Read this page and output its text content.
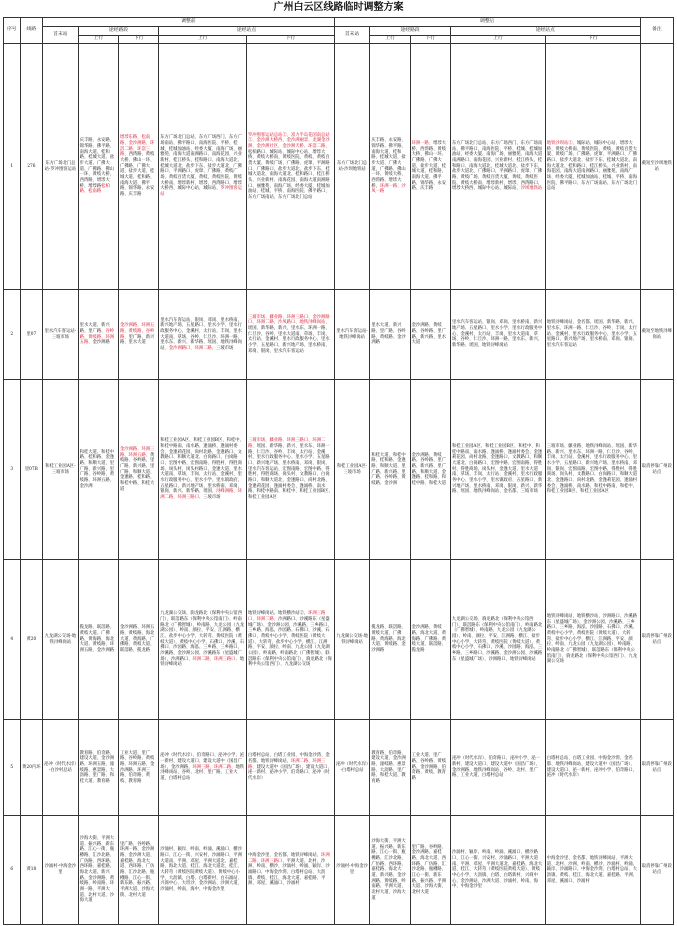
广州白云区线路临时调整方案
序号	线路	调整前					调整后					备注
		首末站	途经路段		途经站点		首末站	途经路段		途经站点		
			上行	下行	上行	下行		上行	下行	上行	下行	
1	276	东方广场北门总站-罗冲围客运站	庆丰路、永安路、锦华路、佛平路、南海大道、桂和路、桂城大道、盐步大道、广佛大道、广佛路、佛山一环、黄岐大桥、西湾路、增埗大桥、增埗路松柏路、松南路	增埗东路、松南路、金沙洲路、环滘二路、环滘三路、西湾路、黄岐大桥、佛山一环、广佛路、广佛大道、盐步大道、桂城大道、桂和路、南海大道、佛平路、锦华路、永安路、庆丰路	东方广场北门总站、东方广场西门、东方广场南站、佛平路口、南海医院、平桥、桂城、桂城加油站、经委大厦、南海广场、丽雅苑、南海大道南洲路口、南海花园、兴业新村、桂江桥头、桂和路口、南海大道北、桂城大道北、盐步下东、盐步大道北、广佛路口、平洲路口、虎窜、广佛路、黄岐广场、黄岐百货大厦、黄岐、黄岐医院、黄岐大桥南、增埗新村、增埗、西湾路口、增埗大桥西、城际中心站、城际站、罗冲围客运站	罗冲围客运站总站②、富力半岛花园南总站②、金沙洲大桥西、金沙洲丽景、龙湖金沙洲、金沙洲社区、金沙洲天桥、环滘二路、松柏路口、城际站、城际中心站、增埗大桥、黄岐大桥南、黄岐医院、黄岐、黄岐百货大厦、黄岐广场、广佛路、虎窜、平洲路口、广佛路口、盐步大道北、盐步下东、桂城大道北、南海大道北、桂和路口、桂江桥头、兴业新村、南海花园、南海大道南洲路口、丽雅苑、南海广场、经委大厦、桂城加油站、桂城、平桥、南海医院、佛平路口、东方广场南站、东方广场北门总站	东方广场北门总站-沙坝地铁站	庆丰路、永安路、锦华路、佛平路、南海大道、桂和路、桂城大道、盐步大道、广佛大道、广佛路、佛山一环、黄岐大桥、西湾路、增埗大桥、环洲一路、沙凤一路	环洲一路、增埗大桥、西湾路、黄岐大桥、佛山一环、广佛路、广佛大道、盐步大道、桂城大道、桂和路、南海大道、佛平路、锦华路、永安路、庆丰路	东方广场北门总站、东方广场西门、东方广场南站、佛平路口、南海医院、平桥、桂城、桂城加油站、经委大厦、南海广场、丽雅苑、南海大道南洲路口、南海花园、兴业新村、桂江桥头、桂和路口、南海大道北、桂城大道北、盐步下东、盐步大道北、广佛路口、平洲路口、虎窜、广佛路、黄岐广场、黄岐百货大厦、黄岐、黄岐医院、黄岐大桥南、增埗新村、增埗、西湾路口、增埗大桥西、城际中心站、城际站、沙坝地铁站	地铁沙坝站②、城际站、城际中心站、增埗大桥、黄岐大桥南、黄岐医院、黄岐、黄岐百货大厦、黄岐广场、广佛路、虎窜、平洲路口、广佛路口、盐步大道北、盐步下东、桂城大道北、南海大道北、桂和路口、桂江桥头、兴业新村、南海花园、南海大道南洲路口、丽雅苑、南海广场、经委大厦、桂城加油站、桂城、平桥、南海医院、佛平路口、东方广场南站、东方广场北门总站	截短至沙坝地铁站
2	里07	里水汽车客运站-三坡市场	里水大道、新兴路、里广路、谷岭路、黄岐路、环洲五路、金沙洲路	金沙洲路、环洲五路、黄岐路、谷岭路、里广路、新兴路、里水大道	里水汽车客运站、银岗、邓岗、里水桥南、新兴地产场、五星路口、里水小学、里水行政服务中心、金溪村、太行站、丰岗、里水大道南、草场、谷岭、仁旦沙、环洲一路、里水东、新兴、新华路、瑶国、地铁浔峰岗站、金沙洲路口、环洲二路、三坡市场	三坡市场、藤业路、环洲三路口、金沙洲路口、环洲二路、沙凤路口、地铁浔峰岗站、瑶国、新华路、新兴、里水东、环洲一路、仁旦沙、谷岭、里水大道南、草场、丰岗、太行站、金溪村、里水行政服务中心、里水小学、五星路口、新兴地产场、里水桥南、邓岗、银岗、里水汽车客运站	里水汽车客运站-地铁浔峰岗站	里水大道、新兴路、里广路、谷岭路、黄岐路、金沙洲路	金沙洲路、黄岐路、谷岭路、里广路、新兴路、里水大道	里水汽车客运站、银岗、邓岗、里水桥南、新兴地产场、五星路口、里水小学、里水行政服务中心、金溪村、太行站、丰岗、里水大道南、草场、谷岭、仁旦沙、环洲一路、里水东、新兴、新华路、瑶国、地铁浔峰岗站	地铁浔峰岗站、金名都、瑶国、新华路、新兴、里水东、环洲一路、仁旦沙、谷岭、丰岗、太行站、金溪村、里水行政服务中心、里水小学、五星路口、新兴地产场、里水桥南、邓岗、银岗、里水汽车客运站	截短至地铁浔峰岗站
3	里07B	和桂工业园A区-三坡市场	和桂大道、和桂中路、桂和路、金逢路、和顺大道、里广路、新兴路、里广路、谷岭路、黄岐路、环洲五路、金沙洲	金沙洲路、环洲三路、环洲五路、黄岐路、谷岭路、里广路、新兴路、里广路、和顺大道、金逢路、桂和路、和桂中路、和桂大道	和桂工业园A区、和桂工业园B区、和桂中、和桂中路南、南水路、逢涌桥、逢涌村委会、金逢莉花园、尚村北路、金逢路口、文教路口、和顺大道北、白岗路口、白岗路口、宏图中路、宏图南路、得胜村、得胜商场、岗头村、岗头村路口、金逢大道、里水大道南、草场、丰岗、太行站、金溪村、里水行政服务中心、里水小学、里水镇政府、五星路口、新兴地产场、里水桥南、邓岗、银岗、新兴、新华路、瑶国、浔峰洲路、环洲二路、环洲三路口、三坡市场	三坡市场、藤业路、环洲三路口、环洲二路、瑶国、新华路、新兴、里水东、环洲一路、仁旦沙、谷岭、丰岗、太行站、金溪村、里水行政服务中心、里水小学、五星路口、新兴地产场、里水桥南、邓岗、银岗、里水汽车客运站、宏图南路、宏图中路、得胜村、得胜商场、岗头村、文教路口、白岗路口、和顺大道北、金逢路口、尚村北路、金逢莉花园、逢涌村委会、逢涌桥、南水路、和桂中路南、和桂中、和桂工业园B区、和桂工业园A区	和桂工业园A区-三坡市场	和桂大道、和桂中路、桂和路、金逢路、和顺大道、里广路、新兴路、里广路、谷岭路、黄岐路、金沙洲	金沙洲路、黄岐路、谷岭路、里广路、新兴路、里广路、和顺大道、金逢路、桂和路、和桂中路、和桂大道	和桂工业园A区、和桂工业园B区、和桂中、和桂中路南、南水路、逢涌桥、逢涌村委会、金逢莉花园、尚村北路、金逢路口、文教路口、和顺大道北、白岗路口、宏图中路、宏图南路、得胜村、得胜商场、岗头村、金逢大道、里水大道南、草场、丰岗、太行站、金溪村、里水行政服务中心、里水小学、里水镇政府、五星路口、新兴地产场、里水桥南、邓岗、银岗、新兴、新华路、瑶国、地铁浔峰岗站、金名都、三坡市场	三坡市场、藤业路、地铁浔峰岗站、瑶国、新华路、新兴、里水东、环洲一路、仁旦沙、谷岭、丰岗、太行站、金溪村、里水行政服务中心、里水小学、五星路口、新兴地产场、里水桥南、邓岗、银岗、宏图南路、宏图中路、得胜村、得胜商场、岗头村、文教路口、白岗路口、和顺大道北、金逢路口、尚村北路、金逢莉花园、逢涌村委会、逢涌桥、南水路、和桂中路南、和桂中、和桂工业园B区、和桂工业园A区	取消停靠广州段站点
4	黄20	九龙湖公交场-地铁浔峰岗站	揽龙路、联滘路、黄岐大道、广佛路、黄海路、海北大道、黄岐路、环洲五路、金沙洲路	金沙洲路、环洲五路、黄岐路、海北大道、黄海路、广佛路、黄岐大道、联滘路、揽龙路	九龙湖公交场、驹龙路北（保利中央公馆西门）、联滘路东（保利中央公馆南门）、岭南路北（广佛智城）、岭南路、九龙公园（九龙湖公园）、岭南、颜拉、平安、江洲路、横江、盐步中心小学、大转弯、黄岐医院（黄岐大道）、黄岐中心小学、石佛口、沙溪、石佛口、沙园路、海泓、三乡路、三乡路口、沙溪路、金沙洲公园、沙溪路东（星盛城广场）、沙洲路口、环洲二路、环洲三路口、地铁浔峰岗站	地铁浔峰岗站、地铁横沙站②、环洲三路口、环洲二路、沙洲路口、沙溪路东（星盛城广场）、金沙洲公园、沙溪路、三乡路口、三乡路、海泓、沙园路、石佛口、沙溪、石佛口、黄岐中心小学、黄岐医院（黄岐大道）、大转弯、盐步中心小学、横江、江洲路、平安、颜拉、岭南、九龙公园（九龙湖公园）、岭南路、岭南路北（广佛智城）、联滘路东（保利中央公馆南门）、驹龙路北（保利中央公馆西门）、九龙湖公交场	九龙湖公交场-地铁浔峰岗站	揽龙路、联滘路、黄岐大道、广佛路、黄海路、海北大道、黄岐路、金沙洲路	金沙洲路、黄岐路、海北大道、黄海路、广佛路、黄岐大道、联滘路、揽龙路	九龙湖公交场、驹龙路北（保利中央公馆西门）、联滘路东（保利中央公馆南门）、岭南路北（广佛智城）、岭南路、九龙公园（九龙湖公园）、岭南、颜拉、平安、江洲路、横江、盐步中心小学、大转弯、黄岐医院（黄岐大道）、黄岐中心小学、石佛口、沙溪、沙园路、海泓、三乡路、三乡路口、沙溪路、金沙洲公园、沙溪路东（星盛城广场）、沙洲路口、地铁浔峰岗站	地铁浔峰岗站、地铁横沙站、沙洲路口、沙溪路东（星盛城广场）、金沙洲公园、沙溪路、三乡路口、三乡路、海泓、沙园路、石佛口、沙溪、黄岐中心小学、黄岐医院（黄岐大道）、大转弯、盐步中心小学、横江、江洲路、平安、颜拉、岭南、九龙公园（九龙湖公园）、岭南路、岭南路北（广佛智城）、联滘路东（保利中央公馆南门）、驹龙路北（保利中央公馆西门）、九龙湖公交场	取消停靠广州段站点
5	黄20内环	泌冲（时代水岸）-白沙村总站	教育路、伯奇路、建设大道、金沙洲路、环洲五路、潼岐路、惠景路、大沥路、里广路、和桂大道、教育路	工业大道、里广路、谷岭路、黄岐路、环洲五路、金沙洲路、环洲三路、伯奇路、黄岐、教育路	泌冲（时代水岸）、伯奇路口、泌冲小学、泌一新村、建设大道口、建设大道中（国昌广场）、金沙洲路、环洲三路、环洲二路、地铁浔峰岗站、谷岭、北村、里广路、工业大道、白塔村总站	白塔村总站、白塔工业园、中海金沙湾、金名都、地铁浔峰岗站、环洲二路、环洲三路、建设大道中（国昌广场）、建设大道口、泌一新村、泌冲小学、伯奇路口、泌冲（时代水岸）	泌冲（时代水岸）-白塔村总站	教育路、伯奇路、建设大道、金沙洲路、潼岐路、惠景路、大沥路、里广路、和桂大道、教育路	工业大道、里广路、谷岭路、黄岐路、金沙洲路、伯奇路、黄岐、教育路	泌冲（时代水岸）、伯奇路口、泌冲小学、泌一新村、建设大道口、建设大道中（国昌广场）、金沙洲路、地铁浔峰岗站、谷岭、北村、里广路、工业大道、白塔村总站	白塔村总站、白塔工业园、中海金沙湾、金名都、地铁浔峰岗站、建设大道中（国昌广场）、建设大道口、泌一新村、泌冲小学、伯奇路口、泌冲（时代水岸）	取消停靠广州段站点
6	黄18	沙涌村-中海金沙里	沙海大街、平洲大道、振兴路、新东路、江心一街、瓶樽路、汇沙北路、广仿路、西环路、西环路、嘉桂路、海北大道、新兴路、金沙洲路、黄岐路、岭南路、环洲一路、平洲大道、北村大道、沙海大道	里广路、谷岭路、环洲一路、金沙洲路、金沙洲大道、嘉桂路、海北大道、西环路、广仿路、汇沙北路、瓶樽路、江心一街、新东路、振兴路、平洲大道、沙海大街、北村大道	沙涌村、颖岸、岭南、岭涌、溪涌口、横沙路口、江心一街、兴安村、沙涌路口、平洲大道南、平洲、邓屋、平洲大道北、嘉桂路、海北大道、桂江、海北大道北、桂江、大转弯（黄岐医院黄岐大道）、黄岐中心小学、大沥镇、白塔、白塔新村、白石涌站、兴商中心、大坦沙、金沙洲站、沙洲大道、沙涌村、岭南、海中、中海金沙里	中海金沙里、金名都、地铁浔峰岗站、环洲二路、环洲三路口、平洲大道、北村、沙洲、岭南、横沙、沙涌村、岭涌、颖岸、沙涌路口、中海金沙湾、白塔村总站、大沥镇、黄岐、桂江、海北大道、嘉桂路、平洲、邓屋、溪涌口、沙涌村	沙涌村-中海金沙里	沙海大街、平洲大道、振兴路、新东路、江心一街、瓶樽路、汇沙北路、广仿路、西环路、嘉桂路、海北大道、新兴路、金沙洲路、黄岐路、岭南路、平洲大道、北村大道、沙海大道	里广路、谷岭路、金沙洲路、嘉桂路、海北大道、西环路、广仿路、汇沙北路、瓶樽路、江心一街、新东路、振兴路、平洲大道、沙海大街、北村大道	沙涌村、颖岸、岭南、岭涌、溪涌口、横沙路口、江心一街、兴安村、沙涌路口、平洲大道南、平洲、邓屋、平洲大道北、嘉桂路、海北大道、桂江、大转弯（黄岐医院黄岐大道）、黄岐中心小学、大沥镇、白塔、白塔新村、兴商中心、金沙洲站、沙洲大道、沙涌村、岭南、海中、中海金沙里	中海金沙里、金名都、地铁浔峰岗站、平洲大道、北村、沙洲、岭南、横沙、沙涌村、岭涌、颖岸、沙涌路口、中海金沙湾、白塔村总站、大沥镇、黄岐、桂江、海北大道、嘉桂路、平洲、邓屋、溪涌口、沙涌村	取消停靠广州段站点
